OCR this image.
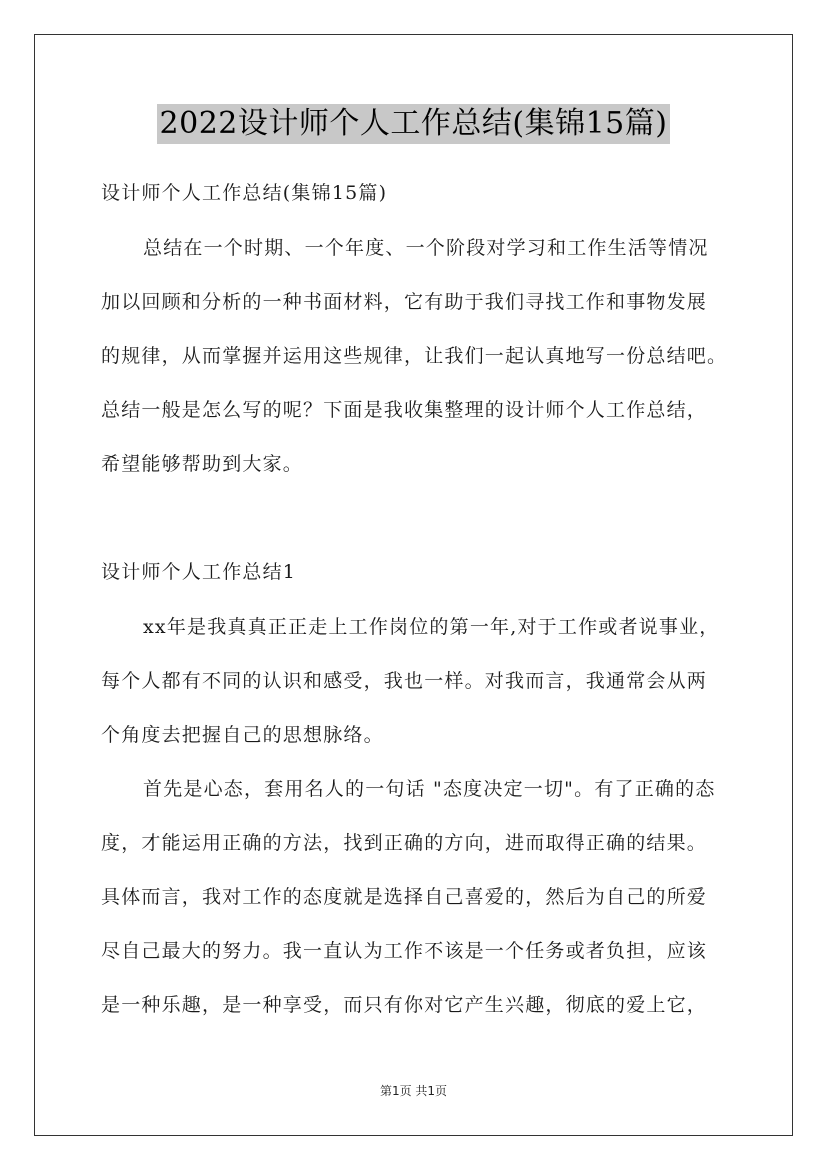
2022设计师个人工作总结(集锦15篇)
设计师个人工作总结(集锦15篇)
总结在一个时期、一个年度、一个阶段对学习和工作生活等情况
加以回顾和分析的一种书面材料，它有助于我们寻找工作和事物发展
的规律，从而掌握并运用这些规律，让我们一起认真地写一份总结吧。
总结一般是怎么写的呢？下面是我收集整理的设计师个人工作总结，
希望能够帮助到大家。
设计师个人工作总结1
xx年是我真真正正走上工作岗位的第一年,对于工作或者说事业，
每个人都有不同的认识和感受，我也一样。对我而言，我通常会从两
个角度去把握自己的思想脉络。
首先是心态，套用名人的一句话 "态度决定一切"。有了正确的态
度，才能运用正确的方法，找到正确的方向，进而取得正确的结果。
具体而言，我对工作的态度就是选择自己喜爱的，然后为自己的所爱
尽自己最大的努力。我一直认为工作不该是一个任务或者负担，应该
是一种乐趣，是一种享受，而只有你对它产生兴趣，彻底的爱上它，
第1页 共1页
